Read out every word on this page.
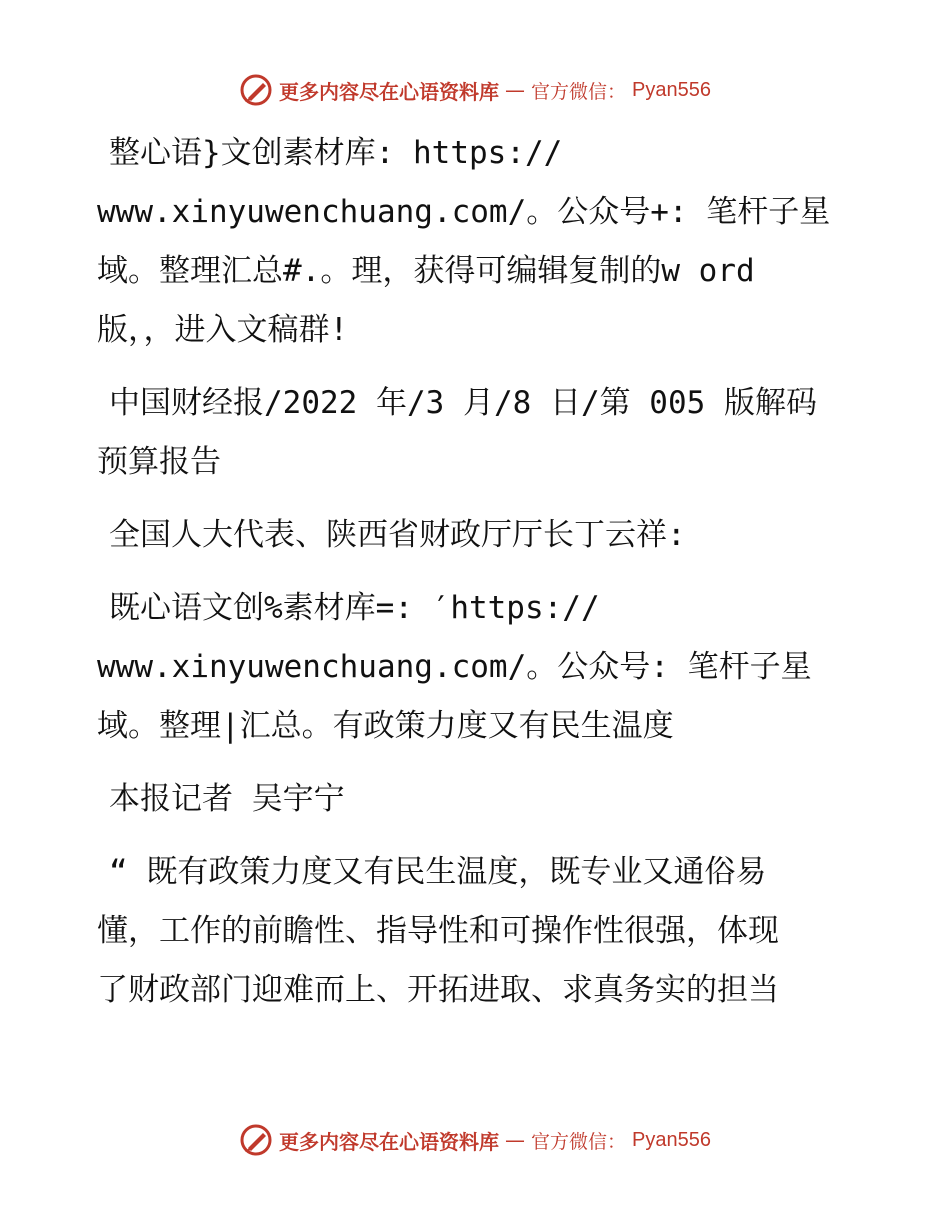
更多内容尽在心语资料库 — 官方微信： Pyan556
整心语}文创素材库: https://
www.xinyuwenchuang.com/。公众号+: 笔杆子星
域。整理汇总#.。理，获得可编辑复制的w ord
版，，进入文稿群!
中国财经报/2022 年/3 月/8 日/第 005 版解码
预算报告
全国人大代表、陕西省财政厅厅长丁云祥:
既心语文创%素材库=: ′https://
www.xinyuwenchuang.com/。公众号: 笔杆子星
域。整理|汇总。有政策力度又有民生温度
本报记者 吴宇宁
“ 既有政策力度又有民生温度，既专业又通俗易
懂，工作的前瞻性、指导性和可操作性很强，体现
了财政部门迎难而上、开拓进取、求真务实的担当
更多内容尽在心语资料库 — 官方微信： Pyan556
